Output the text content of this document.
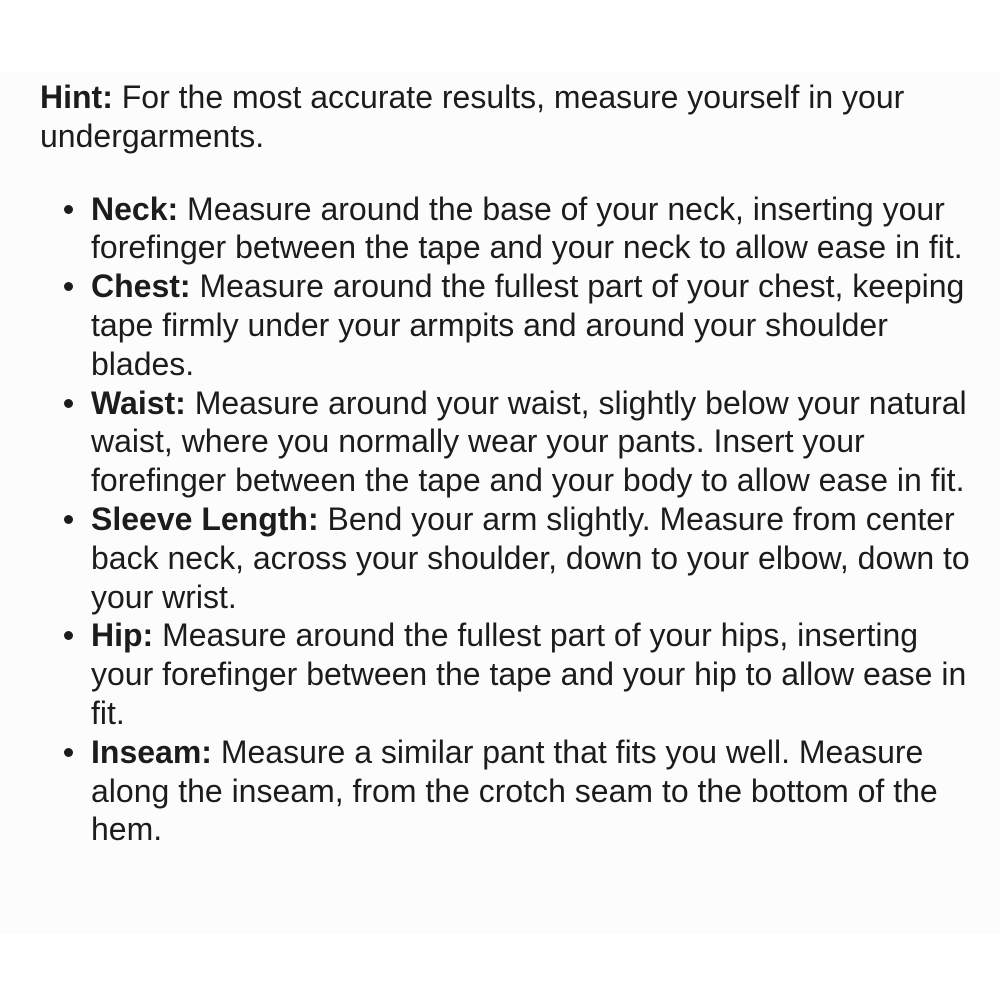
Hint: For the most accurate results, measure yourself in your undergarments.

Neck: Measure around the base of your neck, inserting your forefinger between the tape and your neck to allow ease in fit.
Chest: Measure around the fullest part of your chest, keeping tape firmly under your armpits and around your shoulder blades.
Waist: Measure around your waist, slightly below your natural waist, where you normally wear your pants. Insert your forefinger between the tape and your body to allow ease in fit.
Sleeve Length: Bend your arm slightly. Measure from center back neck, across your shoulder, down to your elbow, down to your wrist.
Hip: Measure around the fullest part of your hips, inserting your forefinger between the tape and your hip to allow ease in fit.
Inseam: Measure a similar pant that fits you well. Measure along the inseam, from the crotch seam to the bottom of the hem.
